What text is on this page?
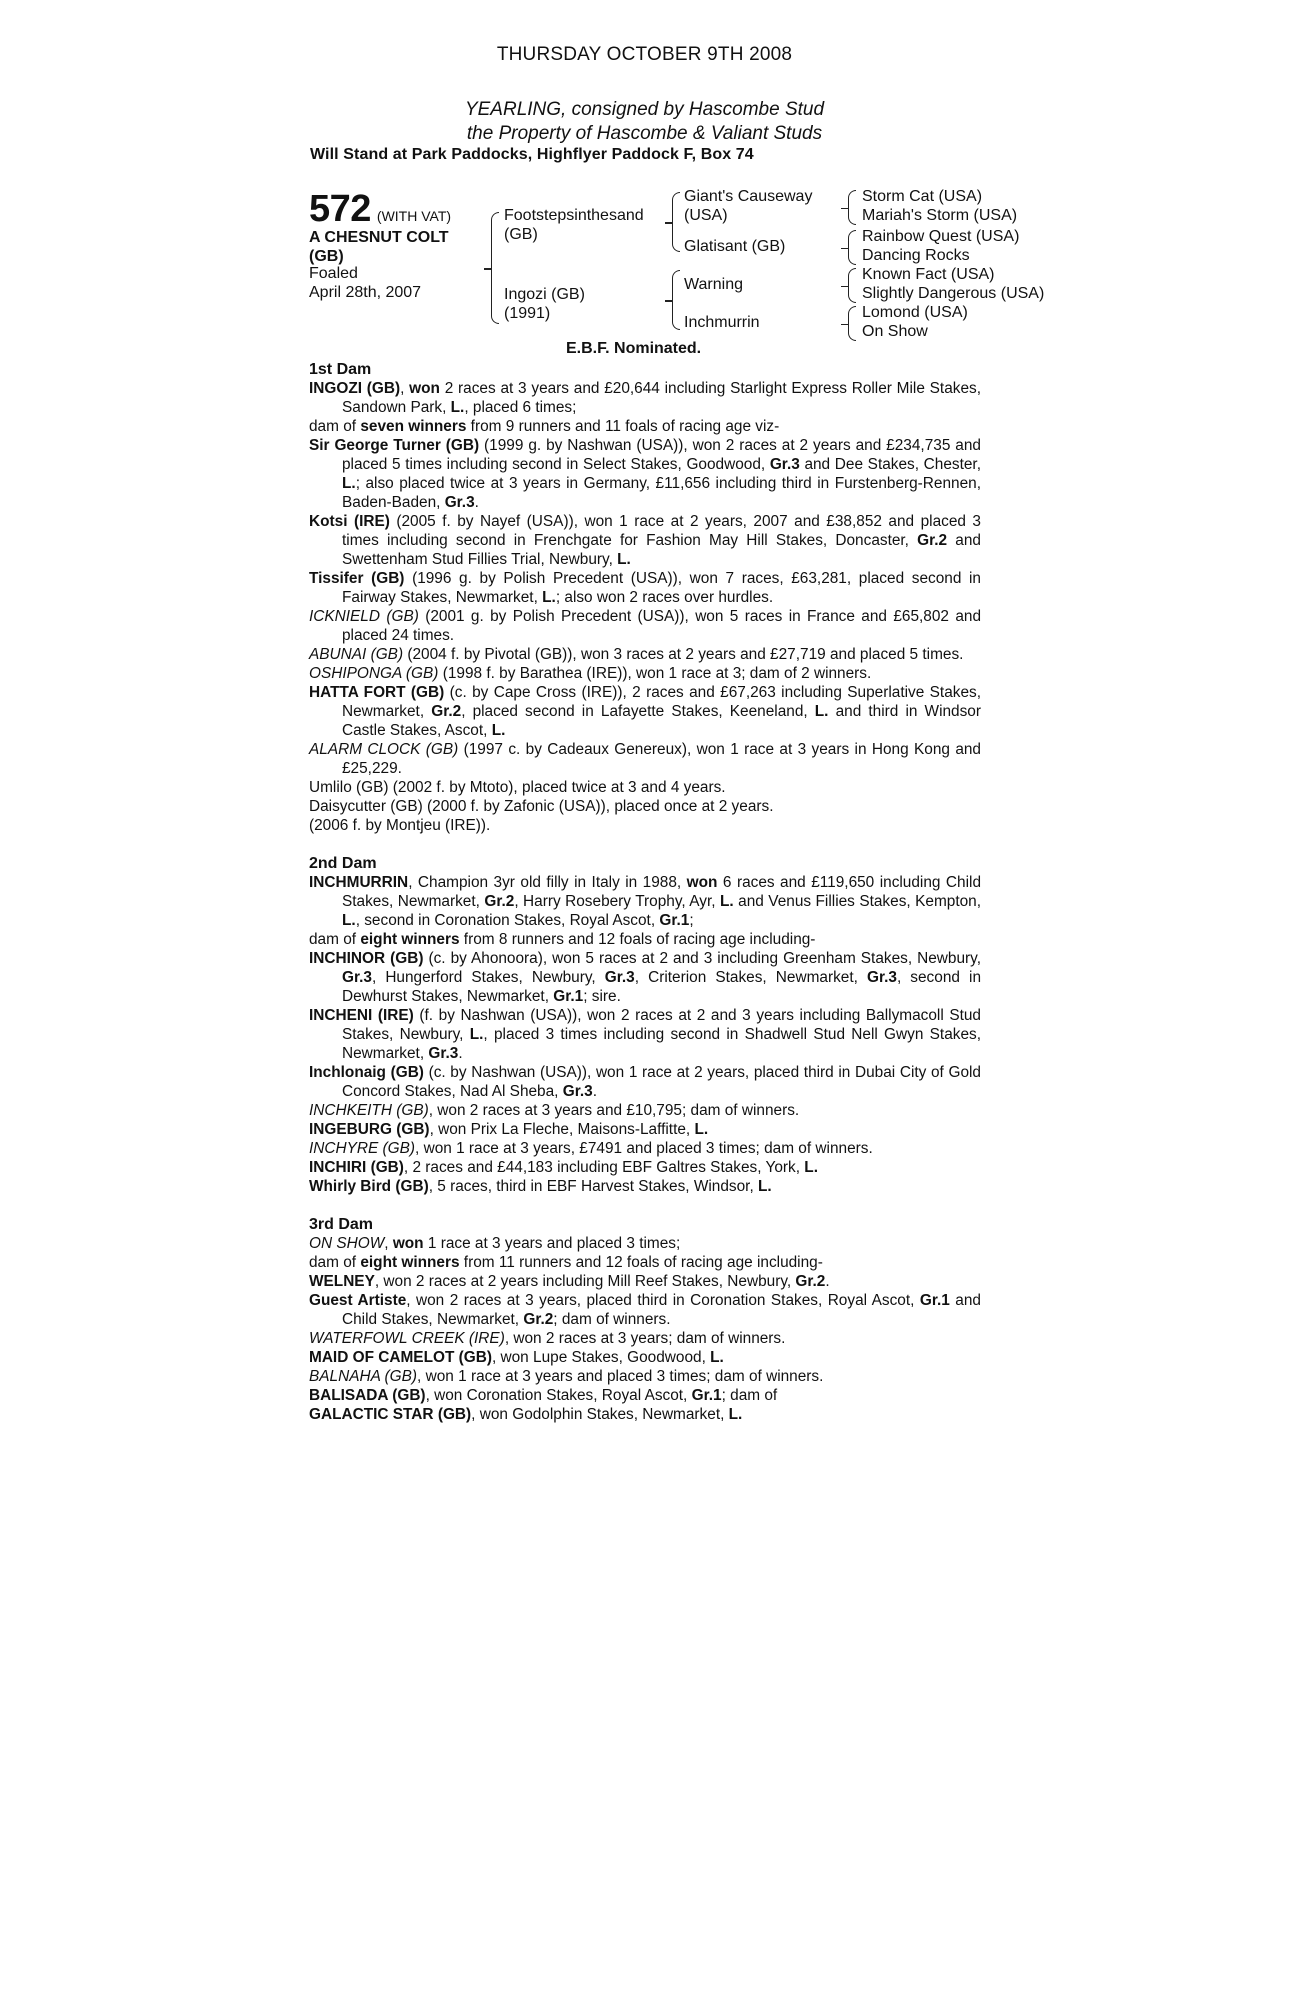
THURSDAY OCTOBER 9TH 2008
YEARLING, consigned by Hascombe Stud
the Property of Hascombe & Valiant Studs
Will Stand at Park Paddocks, Highflyer Paddock F, Box 74
572 (WITH VAT)
A CHESNUT COLT
(GB)
Foaled
April 28th, 2007
Footstepsinthesand
(GB)
Ingozi (GB)
(1991)
Giant's Causeway
(USA)
Glatisant (GB)
Warning
Inchmurrin
Storm Cat (USA)
Mariah's Storm (USA)
Rainbow Quest (USA)
Dancing Rocks
Known Fact (USA)
Slightly Dangerous (USA)
Lomond (USA)
On Show
E.B.F. Nominated.

1st Dam

INGOZI (GB), won 2 races at 3 years and £20,644 including Starlight Express Roller Mile Stakes, Sandown Park, L., placed 6 times;

dam of seven winners from 9 runners and 11 foals of racing age viz-

Sir George Turner (GB) (1999 g. by Nashwan (USA)), won 2 races at 2 years and £234,735 and placed 5 times including second in Select Stakes, Goodwood, Gr.3 and Dee Stakes, Chester, L.; also placed twice at 3 years in Germany, £11,656 including third in Furstenberg-Rennen, Baden-Baden, Gr.3.

Kotsi (IRE) (2005 f. by Nayef (USA)), won 1 race at 2 years, 2007 and £38,852 and placed 3 times including second in Frenchgate for Fashion May Hill Stakes, Doncaster, Gr.2 and Swettenham Stud Fillies Trial, Newbury, L.

Tissifer (GB) (1996 g. by Polish Precedent (USA)), won 7 races, £63,281, placed second in Fairway Stakes, Newmarket, L.; also won 2 races over hurdles.

ICKNIELD (GB) (2001 g. by Polish Precedent (USA)), won 5 races in France and £65,802 and placed 24 times.

ABUNAI (GB) (2004 f. by Pivotal (GB)), won 3 races at 2 years and £27,719 and placed 5 times.

OSHIPONGA (GB) (1998 f. by Barathea (IRE)), won 1 race at 3; dam of 2 winners.

HATTA FORT (GB) (c. by Cape Cross (IRE)), 2 races and £67,263 including Superlative Stakes, Newmarket, Gr.2, placed second in Lafayette Stakes, Keeneland, L. and third in Windsor Castle Stakes, Ascot, L.

ALARM CLOCK (GB) (1997 c. by Cadeaux Genereux), won 1 race at 3 years in Hong Kong and £25,229.

Umlilo (GB) (2002 f. by Mtoto), placed twice at 3 and 4 years.

Daisycutter (GB) (2000 f. by Zafonic (USA)), placed once at 2 years.

(2006 f. by Montjeu (IRE)).

2nd Dam

INCHMURRIN, Champion 3yr old filly in Italy in 1988, won 6 races and £119,650 including Child Stakes, Newmarket, Gr.2, Harry Rosebery Trophy, Ayr, L. and Venus Fillies Stakes, Kempton, L., second in Coronation Stakes, Royal Ascot, Gr.1;

dam of eight winners from 8 runners and 12 foals of racing age including-

INCHINOR (GB) (c. by Ahonoora), won 5 races at 2 and 3 including Greenham Stakes, Newbury, Gr.3, Hungerford Stakes, Newbury, Gr.3, Criterion Stakes, Newmarket, Gr.3, second in Dewhurst Stakes, Newmarket, Gr.1; sire.

INCHENI (IRE) (f. by Nashwan (USA)), won 2 races at 2 and 3 years including Ballymacoll Stud Stakes, Newbury, L., placed 3 times including second in Shadwell Stud Nell Gwyn Stakes, Newmarket, Gr.3.

Inchlonaig (GB) (c. by Nashwan (USA)), won 1 race at 2 years, placed third in Dubai City of Gold Concord Stakes, Nad Al Sheba, Gr.3.

INCHKEITH (GB), won 2 races at 3 years and £10,795; dam of winners.

INGEBURG (GB), won Prix La Fleche, Maisons-Laffitte, L.

INCHYRE (GB), won 1 race at 3 years, £7491 and placed 3 times; dam of winners.

INCHIRI (GB), 2 races and £44,183 including EBF Galtres Stakes, York, L.

Whirly Bird (GB), 5 races, third in EBF Harvest Stakes, Windsor, L.

3rd Dam

ON SHOW, won 1 race at 3 years and placed 3 times;

dam of eight winners from 11 runners and 12 foals of racing age including-

WELNEY, won 2 races at 2 years including Mill Reef Stakes, Newbury, Gr.2.

Guest Artiste, won 2 races at 3 years, placed third in Coronation Stakes, Royal Ascot, Gr.1 and Child Stakes, Newmarket, Gr.2; dam of winners.

WATERFOWL CREEK (IRE), won 2 races at 3 years; dam of winners.

MAID OF CAMELOT (GB), won Lupe Stakes, Goodwood, L.

BALNAHA (GB), won 1 race at 3 years and placed 3 times; dam of winners.

BALISADA (GB), won Coronation Stakes, Royal Ascot, Gr.1; dam of

GALACTIC STAR (GB), won Godolphin Stakes, Newmarket, L.
